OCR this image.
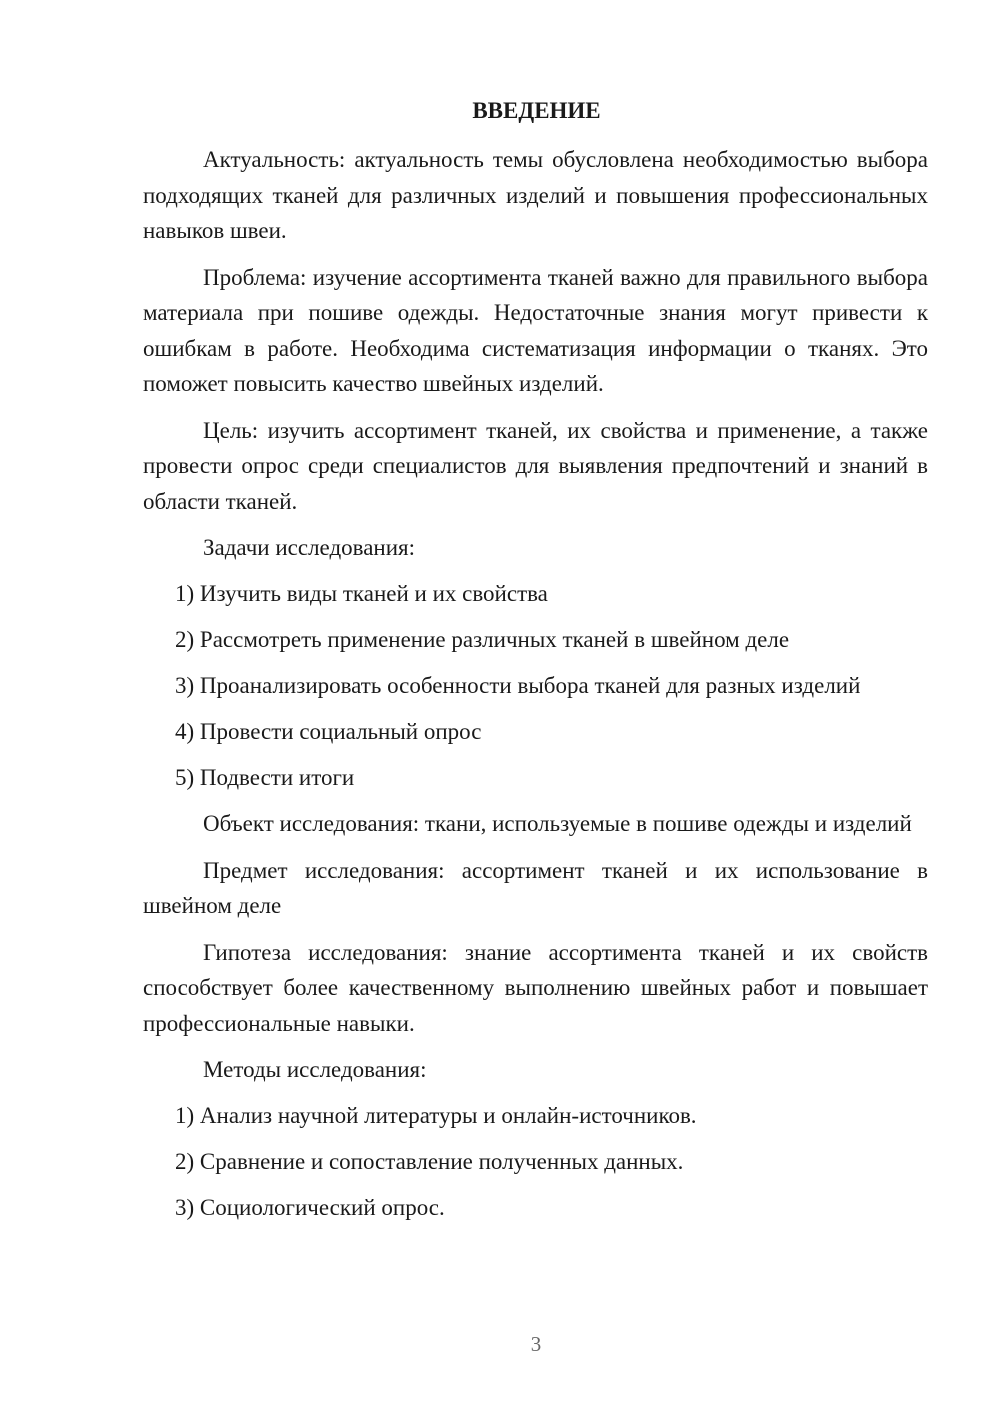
ВВЕДЕНИЕ

Актуальность: актуальность темы обусловлена необходимостью выбора подходящих тканей для различных изделий и повышения профессиональных навыков швеи.

Проблема: изучение ассортимента тканей важно для правильного выбора материала при пошиве одежды. Недостаточные знания могут привести к ошибкам в работе. Необходима систематизация информации о тканях. Это поможет повысить качество швейных изделий.

Цель: изучить ассортимент тканей, их свойства и применение, а также провести опрос среди специалистов для выявления предпочтений и знаний в области тканей.

Задачи исследования:

1) Изучить виды тканей и их свойства
2) Рассмотреть применение различных тканей в швейном деле
3) Проанализировать особенности выбора тканей для разных изделий
4) Провести социальный опрос
5) Подвести итоги

Объект исследования: ткани, используемые в пошиве одежды и изделий

Предмет исследования: ассортимент тканей и их использование в швейном деле

Гипотеза исследования: знание ассортимента тканей и их свойств способствует более качественному выполнению швейных работ и повышает профессиональные навыки.

Методы исследования:

1) Анализ научной литературы и онлайн-источников.
2) Сравнение и сопоставление полученных данных.
3) Социологический опрос.
3
